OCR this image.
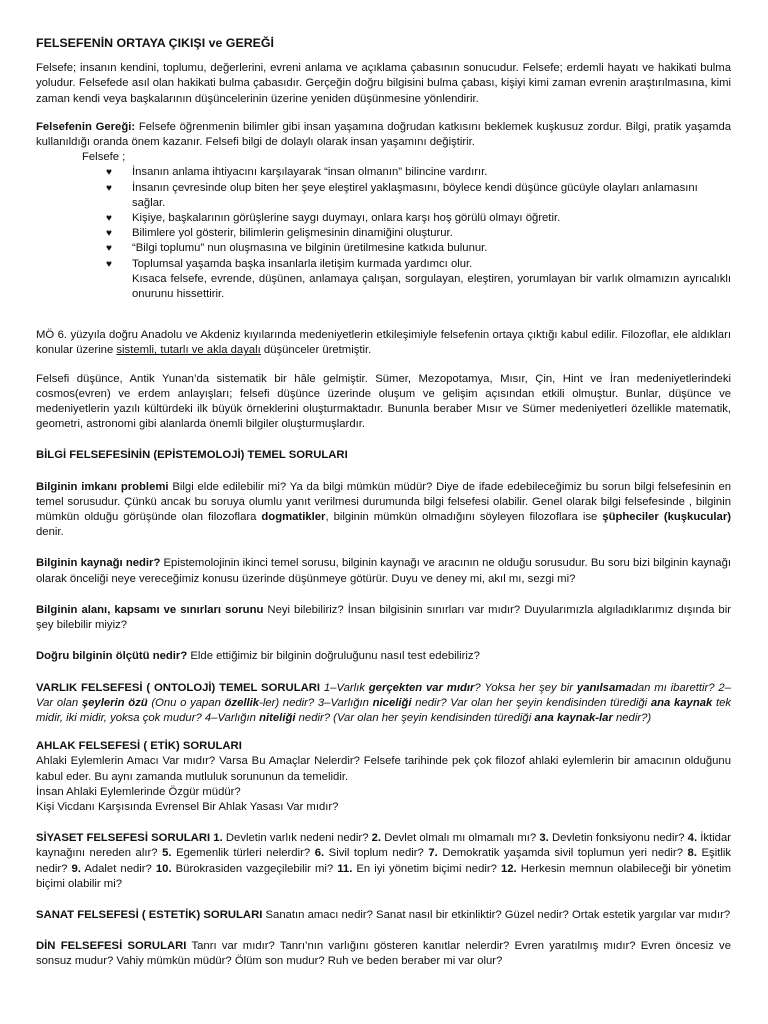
FELSEFENİN ORTAYA ÇIKIŞI ve GEREĞİ

Felsefe; insanın kendini, toplumu, değerlerini, evreni anlama ve açıklama çabasının sonucudur. Felsefe; erdemli hayatı ve hakikati bulma yoludur. Felsefede asıl olan hakikati bulma çabasıdır. Gerçeğin doğru bilgisini bulma çabası, kişiyi kimi zaman evrenin araştırılmasına, kimi zaman kendi veya başkalarının düşüncelerinin üzerine yeniden düşünmesine yönlendirir.

Felsefenin Gereği: Felsefe öğrenmenin bilimler gibi insan yaşamına doğrudan katkısını beklemek kuşkusuz zordur. Bilgi, pratik yaşamda kullanıldığı oranda önem kazanır. Felsefi bilgi de dolaylı olarak insan yaşamını değiştirir.

Felsefe ;
♥ İnsanın anlama ihtiyacını karşılayarak “insan olmanın” bilincine vardırır.
♥ İnsanın çevresinde olup biten her şeye eleştirel yaklaşmasını, böylece kendi düşünce gücüyle olayları anlamasını sağlar.
♥ Kişiye, başkalarının görüşlerine saygı duymayı, onlara karşı hoş görülü olmayı öğretir.
♥ Bilimlere yol gösterir, bilimlerin gelişmesinin dinamiğini oluşturur.
♥ “Bilgi toplumu” nun oluşmasına ve bilginin üretilmesine katkıda bulunur.
♥ Toplumsal yaşamda başka insanlarla iletişim kurmada yardımcı olur.

Kısaca felsefe, evrende, düşünen, anlamaya çalışan, sorgulayan, eleştiren, yorumlayan bir varlık olmamızın ayrıcalıklı onurunu hissettirir.

MÖ 6. yüzyıla doğru Anadolu ve Akdeniz kıyılarında medeniyetlerin etkileşimiyle felsefenin ortaya çıktığı kabul edilir. Filozoflar, ele aldıkları konular üzerine sistemli, tutarlı ve akla dayalı düşünceler üretmiştir.

Felsefi düşünce, Antik Yunan’da sistematik bir hâle gelmiştir. Sümer, Mezopotamya, Mısır, Çin, Hint ve İran medeniyetlerindeki cosmos(evren) ve erdem anlayışları; felsefi düşünce üzerinde oluşum ve gelişim açısından etkili olmuştur. Bunlar, düşünce ve medeniyetlerin yazılı kültürdeki ilk büyük örneklerini oluşturmaktadır. Bununla beraber Mısır ve Sümer medeniyetleri özellikle matematik, geometri, astronomi gibi alanlarda önemli bilgiler oluşturmuşlardır.

BİLGİ FELSEFESİNİN (EPİSTEMOLOJİ) TEMEL SORULARI

Bilginin imkanı problemi Bilgi elde edilebilir mi? Ya da bilgi mümkün müdür? Diye de ifade edebileceğimiz bu sorun bilgi felsefesinin en temel sorusudur. Çünkü ancak bu soruya olumlu yanıt verilmesi durumunda bilgi felsefesi olabilir. Genel olarak bilgi felsefesinde , bilginin mümkün olduğu görüşünde olan filozoflara dogmatikler, bilginin mümkün olmadığını söyleyen filozoflara ise şüpheciler (kuşkucular) denir.

Bilginin kaynağı nedir? Epistemolojinin ikinci temel sorusu, bilginin kaynağı ve aracının ne olduğu sorusudur. Bu soru bizi bilginin kaynağı olarak önceliği neye vereceğimiz konusu üzerinde düşünmeye götürür. Duyu ve deney mi, akıl mı, sezgi mi?

Bilginin alanı, kapsamı ve sınırları sorunu Neyi bilebiliriz? İnsan bilgisinin sınırları var mıdır? Duyularımızla algıladıklarımız dışında bir şey bilebilir miyiz?

Doğru bilginin ölçütü nedir? Elde ettiğimiz bir bilginin doğruluğunu nasıl test edebiliriz?

VARLIK FELSEFESİ ( ONTOLOJİ) TEMEL SORULARI 1–Varlık gerçekten var mıdır? Yoksa her şey bir yanılsamadan mı ibarettir? 2–Var olan şeylerin özü (Onu o yapan özellik-ler) nedir? 3–Varlığın niceliği nedir? Var olan her şeyin kendisinden türediği ana kaynak tek midir, iki midir, yoksa çok mudur? 4–Varlığın niteliği nedir? (Var olan her şeyin kendisinden türediği ana kaynak-lar nedir?)

AHLAK FELSEFESİ ( ETİK) SORULARI

Ahlaki Eylemlerin Amacı Var mıdır? Varsa Bu Amaçlar Nelerdir? Felsefe tarihinde pek çok filozof ahlaki eylemlerin bir amacının olduğunu kabul eder. Bu aynı zamanda mutluluk sorununun da temelidir.

İnsan Ahlaki Eylemlerinde Özgür müdür?
Kişi Vicdanı Karşısında Evrensel Bir Ahlak Yasası Var mıdır?

SİYASET FELSEFESİ SORULARI 1. Devletin varlık nedeni nedir? 2. Devlet olmalı mı olmamalı mı? 3. Devletin fonksiyonu nedir? 4. İktidar kaynağını nereden alır? 5. Egemenlik türleri nelerdir? 6. Sivil toplum nedir? 7. Demokratik yaşamda sivil toplumun yeri nedir? 8. Eşitlik nedir? 9. Adalet nedir? 10. Bürokrasiden vazgeçilebilir mi? 11. En iyi yönetim biçimi nedir? 12. Herkesin memnun olabileceği bir yönetim biçimi olabilir mi?

SANAT FELSEFESİ ( ESTETİK) SORULARI Sanatın amacı nedir? Sanat nasıl bir etkinliktir? Güzel nedir? Ortak estetik yargılar var mıdır?

DİN FELSEFESİ SORULARI Tanrı var mıdır? Tanrı’nın varlığını gösteren kanıtlar nelerdir? Evren yaratılmış mıdır? Evren öncesiz ve sonsuz mudur? Vahiy mümkün müdür? Ölüm son mudur? Ruh ve beden beraber mi var olur?
